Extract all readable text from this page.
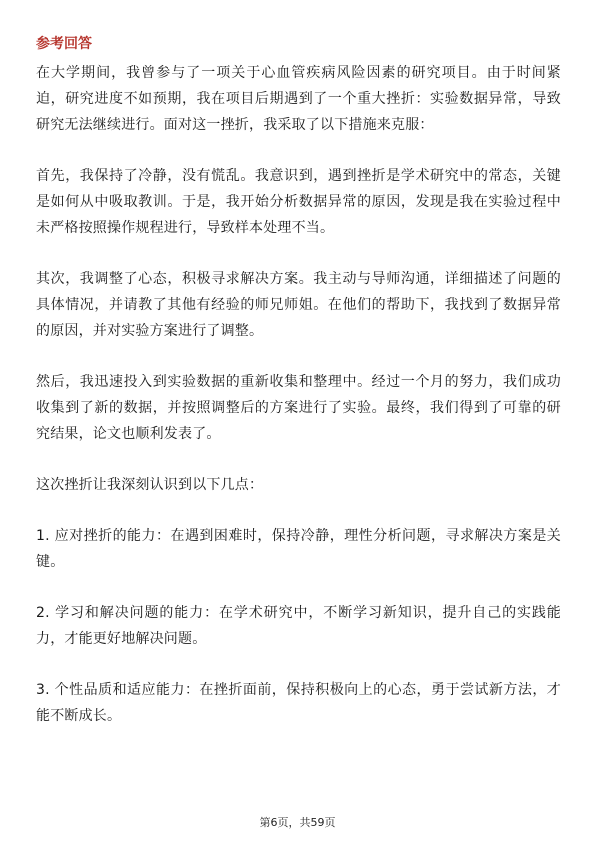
参考回答

在大学期间，我曾参与了一项关于心血管疾病风险因素的研究项目。由于时间紧迫，研究进度不如预期，我在项目后期遇到了一个重大挫折：实验数据异常，导致研究无法继续进行。面对这一挫折，我采取了以下措施来克服：

首先，我保持了冷静，没有慌乱。我意识到，遇到挫折是学术研究中的常态，关键是如何从中吸取教训。于是，我开始分析数据异常的原因，发现是我在实验过程中未严格按照操作规程进行，导致样本处理不当。

其次，我调整了心态，积极寻求解决方案。我主动与导师沟通，详细描述了问题的具体情况，并请教了其他有经验的师兄师姐。在他们的帮助下，我找到了数据异常的原因，并对实验方案进行了调整。

然后，我迅速投入到实验数据的重新收集和整理中。经过一个月的努力，我们成功收集到了新的数据，并按照调整后的方案进行了实验。最终，我们得到了可靠的研究结果，论文也顺利发表了。

这次挫折让我深刻认识到以下几点：

1. 应对挫折的能力：在遇到困难时，保持冷静，理性分析问题，寻求解决方案是关键。

2. 学习和解决问题的能力：在学术研究中，不断学习新知识，提升自己的实践能力，才能更好地解决问题。

3. 个性品质和适应能力：在挫折面前，保持积极向上的心态，勇于尝试新方法，才能不断成长。

第6页，共59页
